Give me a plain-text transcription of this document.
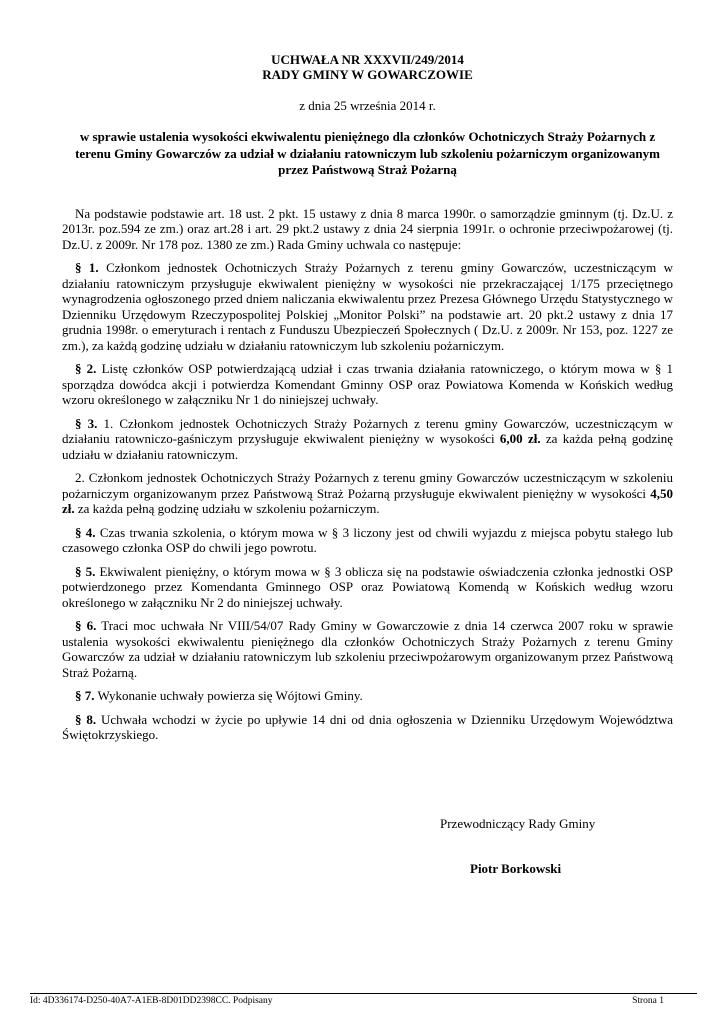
UCHWAŁA NR XXXVII/249/2014
RADY GMINY W GOWARCZOWIE
z dnia 25 września 2014 r.
w sprawie ustalenia wysokości ekwiwalentu pieniężnego dla członków Ochotniczych Straży Pożarnych z terenu Gminy Gowarczów za udział w działaniu ratowniczym lub szkoleniu pożarniczym organizowanym przez Państwową Straż Pożarną

Na podstawie podstawie art. 18 ust. 2 pkt. 15 ustawy z dnia 8 marca 1990r. o samorządzie gminnym (tj. Dz.U. z 2013r. poz.594 ze zm.) oraz art.28 i art. 29 pkt.2 ustawy z dnia 24 sierpnia 1991r. o ochronie przeciwpożarowej (tj. Dz.U. z 2009r. Nr 178 poz. 1380 ze zm.) Rada Gminy uchwala co następuje:

§ 1. Członkom jednostek Ochotniczych Straży Pożarnych z terenu gminy Gowarczów, uczestniczącym w działaniu ratowniczym przysługuje ekwiwalent pieniężny w wysokości nie przekraczającej 1/175 przeciętnego wynagrodzenia ogłoszonego przed dniem naliczania ekwiwalentu przez Prezesa Głównego Urzędu Statystycznego w Dzienniku Urzędowym Rzeczypospolitej Polskiej „Monitor Polski” na podstawie art. 20 pkt.2 ustawy z dnia 17 grudnia 1998r. o emeryturach i rentach z Funduszu Ubezpieczeń Społecznych ( Dz.U. z 2009r. Nr 153, poz. 1227 ze zm.), za każdą godzinę udziału w działaniu ratowniczym lub szkoleniu pożarniczym.

§ 2. Listę członków OSP potwierdzającą udział i czas trwania działania ratowniczego, o którym mowa w § 1 sporządza dowódca akcji i potwierdza Komendant Gminny OSP oraz Powiatowa Komenda w Końskich według wzoru określonego w załączniku Nr 1 do niniejszej uchwały.

§ 3. 1. Członkom jednostek Ochotniczych Straży Pożarnych z terenu gminy Gowarczów, uczestniczącym w działaniu ratowniczo-gaśniczym przysługuje ekwiwalent pieniężny w wysokości 6,00 zł. za każda pełną godzinę udziału w działaniu ratowniczym.

2. Członkom jednostek Ochotniczych Straży Pożarnych z terenu gminy Gowarczów uczestniczącym w szkoleniu pożarniczym organizowanym przez Państwową Straż Pożarną przysługuje ekwiwalent pieniężny w wysokości 4,50 zł. za każda pełną godzinę udziału w szkoleniu pożarniczym.

§ 4. Czas trwania szkolenia, o którym mowa w § 3 liczony jest od chwili wyjazdu z miejsca pobytu stałego lub czasowego członka OSP do chwili jego powrotu.

§ 5. Ekwiwalent pieniężny, o którym mowa w § 3 oblicza się na podstawie oświadczenia członka jednostki OSP potwierdzonego przez Komendanta Gminnego OSP oraz Powiatową Komendą w Końskich według wzoru określonego w załączniku Nr 2 do niniejszej uchwały.

§ 6. Traci moc uchwała Nr VIII/54/07 Rady Gminy w Gowarczowie z dnia 14 czerwca 2007 roku w sprawie ustalenia wysokości ekwiwalentu pieniężnego dla członków Ochotniczych Straży Pożarnych z terenu Gminy Gowarczów za udział w działaniu ratowniczym lub szkoleniu przeciwpożarowym organizowanym przez Państwową Straż Pożarną.

§ 7. Wykonanie uchwały powierza się Wójtowi Gminy.

§ 8. Uchwała wchodzi w życie po upływie 14 dni od dnia ogłoszenia w Dzienniku Urzędowym Województwa Świętokrzyskiego.

Przewodniczący Rady Gminy
Piotr Borkowski
Id: 4D336174-D250-40A7-A1EB-8D01DD2398CC. Podpisany	Strona 1
